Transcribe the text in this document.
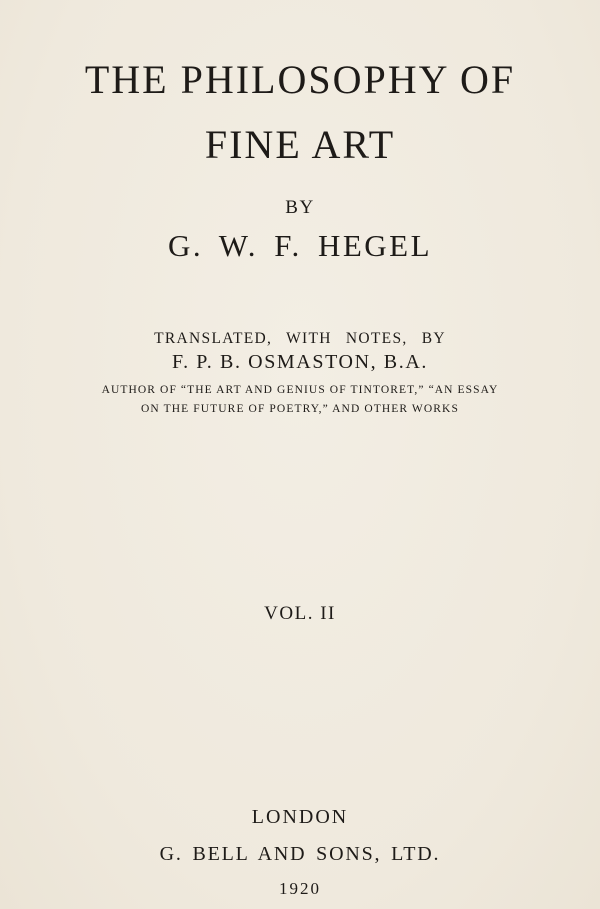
THE PHILOSOPHY OF
FINE ART
BY
G. W. F. HEGEL
TRANSLATED, WITH NOTES, BY
F. P. B. OSMASTON, B.A.
AUTHOR OF “THE ART AND GENIUS OF TINTORET,” “AN ESSAY
ON THE FUTURE OF POETRY,” AND OTHER WORKS
VOL. II
LONDON
G. BELL AND SONS, LTD.
1920
